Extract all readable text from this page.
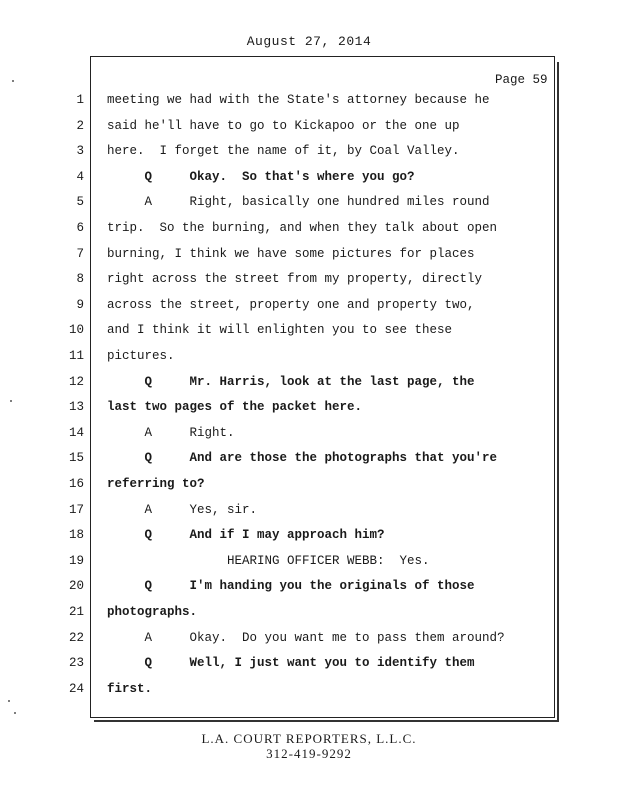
August 27, 2014
Page 59
1 meeting we had with the State's attorney because he
2 said he'll have to go to Kickapoo or the one up
3 here.  I forget the name of it, by Coal Valley.
4 Q     Okay.  So that's where you go?
5 A     Right, basically one hundred miles round
6 trip.  So the burning, and when they talk about open
7 burning, I think we have some pictures for places
8 right across the street from my property, directly
9 across the street, property one and property two,
10 and I think it will enlighten you to see these
11 pictures.
12 Q     Mr. Harris, look at the last page, the
13 last two pages of the packet here.
14 A     Right.
15 Q     And are those the photographs that you're
16 referring to?
17 A     Yes, sir.
18 Q     And if I may approach him?
19 HEARING OFFICER WEBB:  Yes.
20 Q     I'm handing you the originals of those
21 photographs.
22 A     Okay.  Do you want me to pass them around?
23 Q     Well, I just want you to identify them
24 first.
L.A. COURT REPORTERS, L.L.C.
312-419-9292
